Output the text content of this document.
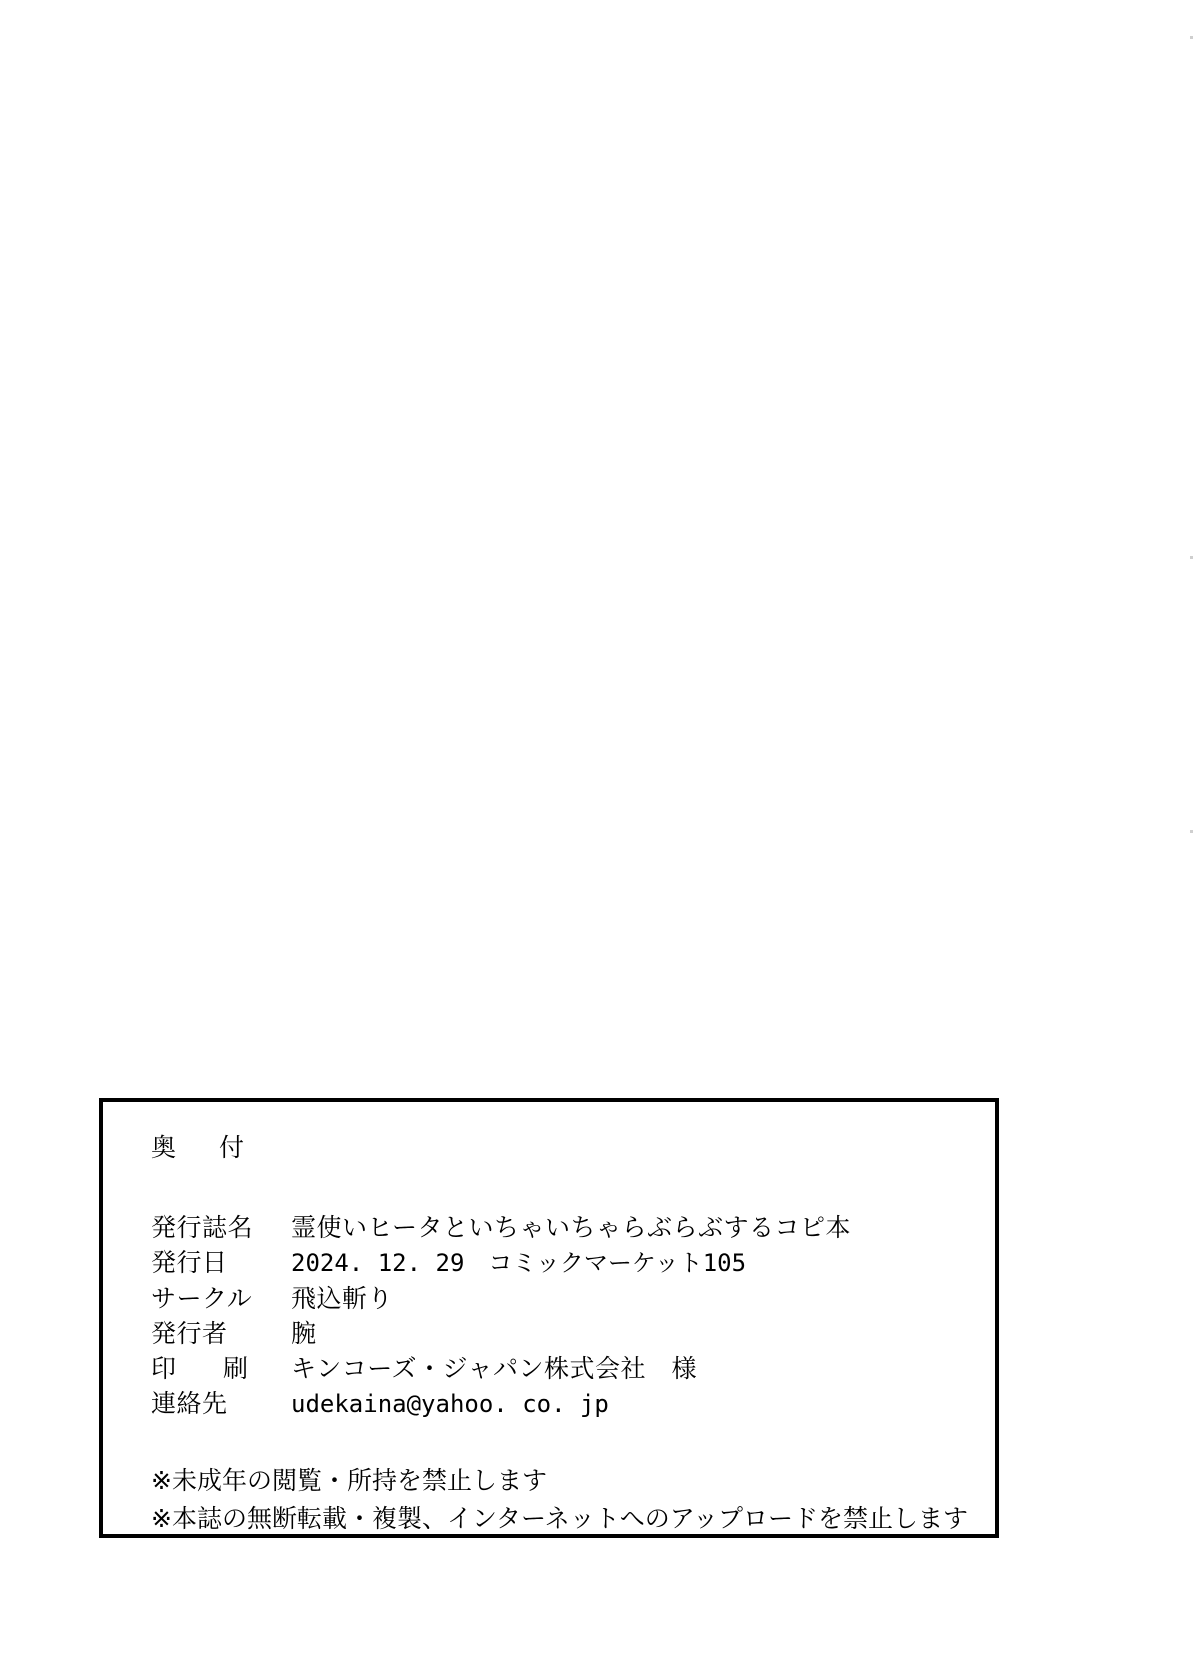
奥　付
発行誌名	霊使いヒータといちゃいちゃらぶらぶするコピ本
発行日	2024. 12. 29　コミックマーケット105
サークル	飛込斬り
発行者	腕
印　刷	キンコーズ・ジャパン株式会社　様
連絡先	udekaina@yahoo. co. jp
※未成年の閲覧・所持を禁止します
※本誌の無断転載・複製、インターネットへのアップロードを禁止します
